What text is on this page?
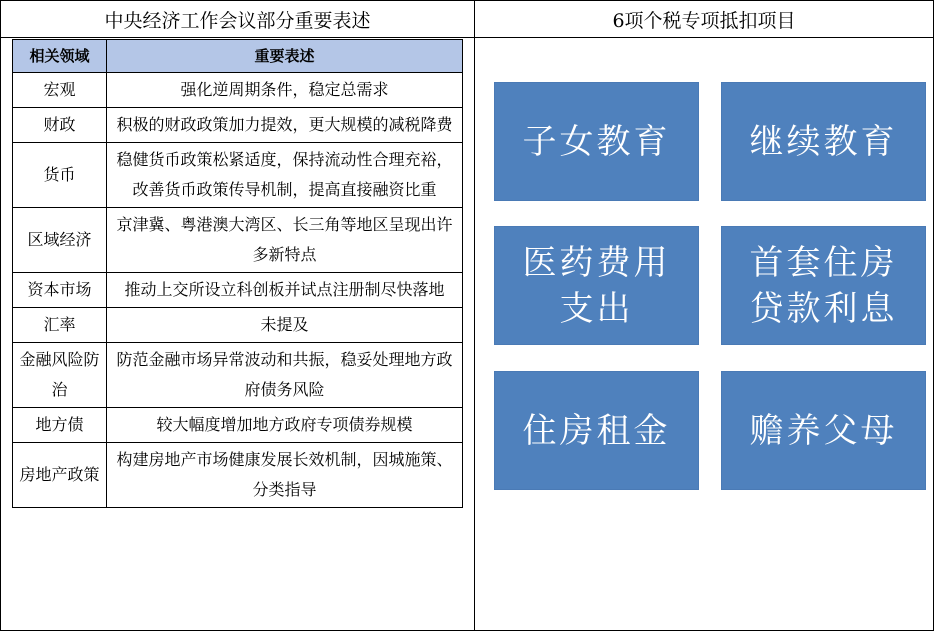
中央经济工作会议部分重要表述	6项个税专项抵扣项目
相关领域	重要表述
宏观	强化逆周期条件，稳定总需求
财政	积极的财政政策加力提效，更大规模的减税降费
货币	稳健货币政策松紧适度，保持流动性合理充裕，改善货币政策传导机制，提高直接融资比重
区域经济	京津冀、粤港澳大湾区、长三角等地区呈现出许多新特点
资本市场	推动上交所设立科创板并试点注册制尽快落地
汇率	未提及
金融风险防治	防范金融市场异常波动和共振，稳妥处理地方政府债务风险
地方债	较大幅度增加地方政府专项债券规模
房地产政策	构建房地产市场健康发展长效机制，因城施策、分类指导
子女教育	继续教育
医药费用支出
首套住房贷款利息
住房租金	赡养父母
